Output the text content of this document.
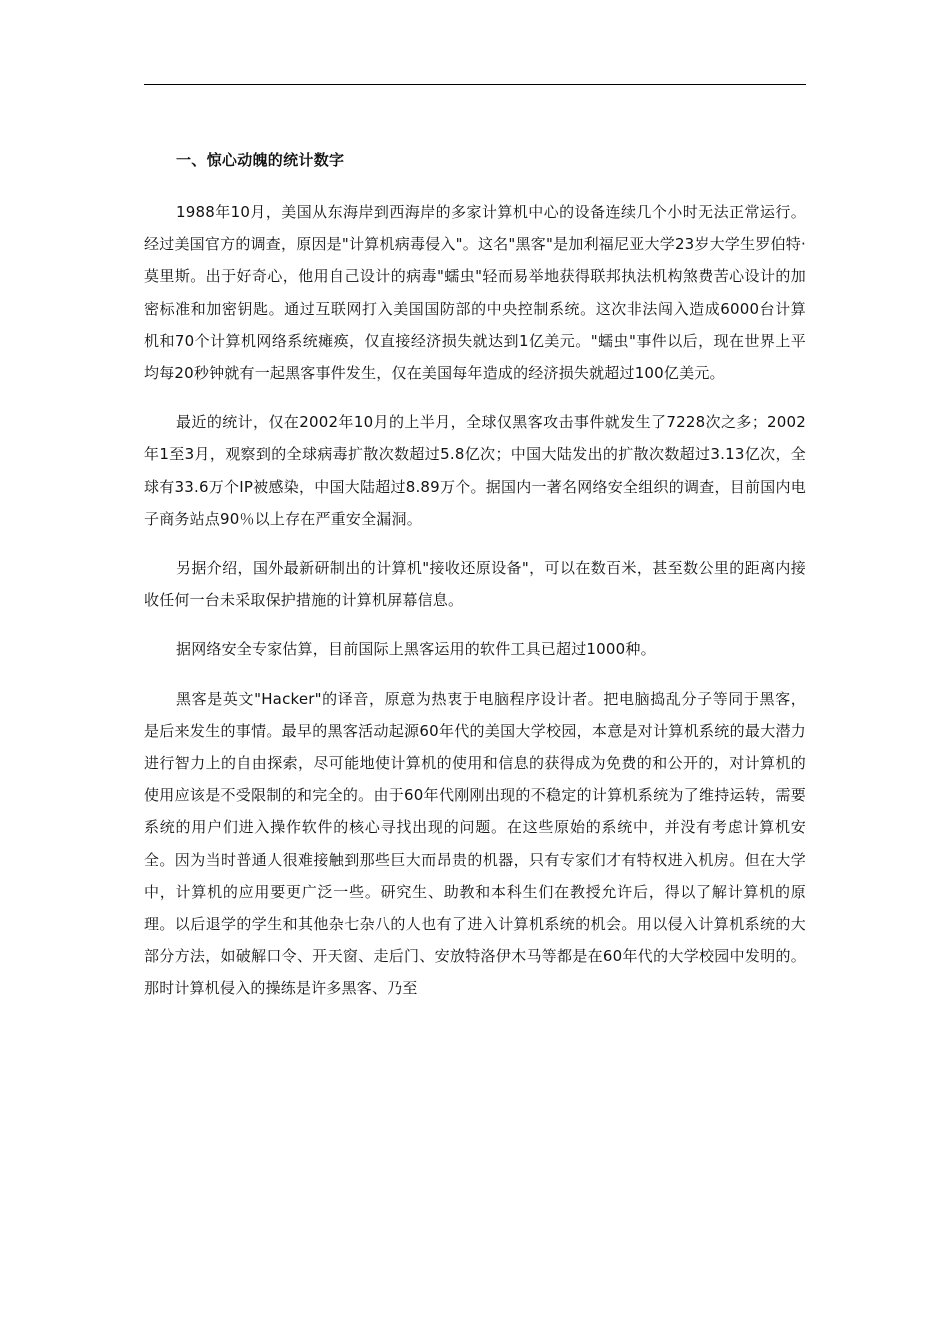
一、惊心动魄的统计数字

1988年10月，美国从东海岸到西海岸的多家计算机中心的设备连续几个小时无法正常运行。经过美国官方的调查，原因是"计算机病毒侵入"。这名"黑客"是加利福尼亚大学23岁大学生罗伯特·莫里斯。出于好奇心，他用自己设计的病毒"蠕虫"轻而易举地获得联邦执法机构煞费苦心设计的加密标准和加密钥匙。通过互联网打入美国国防部的中央控制系统。这次非法闯入造成6000台计算机和70个计算机网络系统瘫痪，仅直接经济损失就达到1亿美元。"蠕虫"事件以后，现在世界上平均每20秒钟就有一起黑客事件发生，仅在美国每年造成的经济损失就超过100亿美元。

最近的统计，仅在2002年10月的上半月，全球仅黑客攻击事件就发生了7228次之多；2002年1至3月，观察到的全球病毒扩散次数超过5.8亿次；中国大陆发出的扩散次数超过3.13亿次，全球有33.6万个IP被感染，中国大陆超过8.89万个。据国内一著名网络安全组织的调查，目前国内电子商务站点90％以上存在严重安全漏洞。

另据介绍，国外最新研制出的计算机"接收还原设备"，可以在数百米，甚至数公里的距离内接收任何一台未采取保护措施的计算机屏幕信息。

据网络安全专家估算，目前国际上黑客运用的软件工具已超过1000种。

黑客是英文"Hacker"的译音，原意为热衷于电脑程序设计者。把电脑捣乱分子等同于黑客，是后来发生的事情。最早的黑客活动起源60年代的美国大学校园，本意是对计算机系统的最大潜力进行智力上的自由探索，尽可能地使计算机的使用和信息的获得成为免费的和公开的，对计算机的使用应该是不受限制的和完全的。由于60年代刚刚出现的不稳定的计算机系统为了维持运转，需要系统的用户们进入操作软件的核心寻找出现的问题。在这些原始的系统中，并没有考虑计算机安全。因为当时普通人很难接触到那些巨大而昂贵的机器，只有专家们才有特权进入机房。但在大学中，计算机的应用要更广泛一些。研究生、助教和本科生们在教授允许后，得以了解计算机的原理。以后退学的学生和其他杂七杂八的人也有了进入计算机系统的机会。用以侵入计算机系统的大部分方法，如破解口令、开天窗、走后门、安放特洛伊木马等都是在60年代的大学校园中发明的。那时计算机侵入的操练是许多黑客、乃至
